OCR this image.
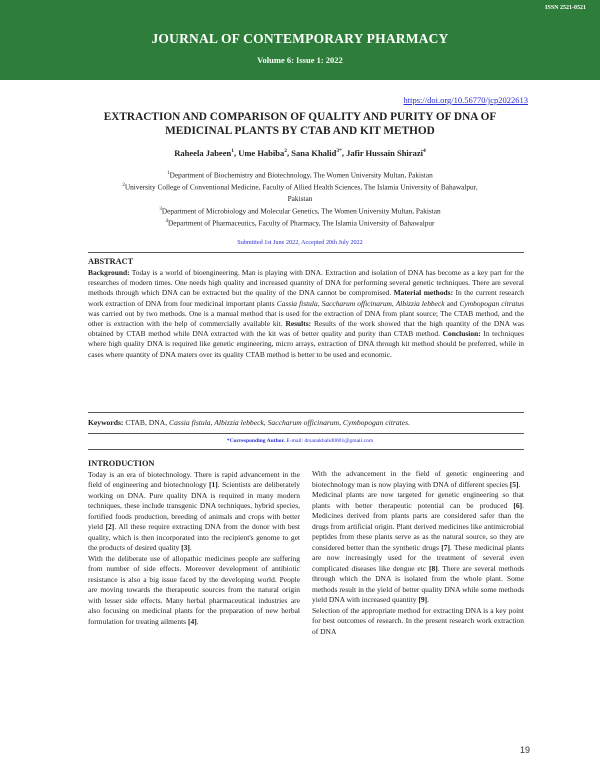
ISSN 2521-0521
JOURNAL OF CONTEMPORARY PHARMACY
Volume 6: Issue 1: 2022
https://doi.org/10.56770/jcp2022613
EXTRACTION AND COMPARISON OF QUALITY AND PURITY OF DNA OF MEDICINAL PLANTS BY CTAB AND KIT METHOD
Raheela Jabeen$^1$, Ume Habiba$^2$, Sana Khalid$^{3*}$, Jafir Hussain Shirazi$^4$
$^1$Department of Biochemistry and Biotechnology, The Women University Multan, Pakistan
$^2$University College of Conventional Medicine, Faculty of Allied Health Sciences, The Islamia University of Bahawalpur, Pakistan
$^3$Department of Microbiology and Molecular Genetics, The Women University Multan, Pakistan
$^4$Department of Pharmaceutics, Faculty of Pharmacy, The Islamia University of Bahawalpur
Submitted 1st June 2022, Accepted 20th July 2022
ABSTRACT
Background: Today is a world of bioengineering. Man is playing with DNA. Extraction and isolation of DNA has become as a key part for the researches of modern times. One needs high quality and increased quantity of DNA for performing several genetic techniques. There are several methods through which DNA can be extracted but the quality of the DNA cannot be compromised. Material methods: In the current research work extraction of DNA from four medicinal important plants Cassia fistula, Saccharum officinarum, Albizzia lebbeck and Cymbopogan citratus was carried out by two methods. One is a manual method that is used for the extraction of DNA from plant source; The CTAB method, and the other is extraction with the help of commercially available kit. Results: Results of the work showed that the high quantity of the DNA was obtained by CTAB method while DNA extracted with the kit was of better quality and purity than CTAB method. Conclusion: In techniques where high quality DNA is required like genetic engineering, micro arrays, extraction of DNA through kit method should be preferred, while in cases where quantity of DNA maters over its quality CTAB method is better to be used and economic.
Keywords: CTAB, DNA, Cassia fistula, Albizzia lebbeck, Saccharum officinarum, Cymbopogan citrates.
*Corresponding Author. E-mail: drsanakhalid0001@gmail.com
INTRODUCTION
Today is an era of biotechnology. There is rapid advancement in the field of engineering and biotechnology [1]. Scientists are deliberately working on DNA. Pure quality DNA is required in many modern techniques, these include transgenic DNA techniques, hybrid species, fortified foods production, breeding of animals and crops with better yield [2]. All these require extracting DNA from the donor with best quality, which is then incorporated into the recipient's genome to get the products of desired quality [3].
With the deliberate use of allopathic medicines people are suffering from number of side effects. Moreover development of antibiotic resistance is also a big issue faced by the developing world. People are moving towards the therapeutic sources from the natural origin with lesser side effects. Many herbal pharmaceutical industries are also focusing on medicinal plants for the preparation of new herbal formulation for treating ailments [4].
With the advancement in the field of genetic engineering and biotechnology man is now playing with DNA of different species [5].
Medicinal plants are now targeted for genetic engineering so that plants with better therapeutic potential can be produced [6]. Medicines derived from plants parts are considered safer than the drugs from artificial origin. Plant derived medicines like antimicrobial peptides from these plants serve as as the natural source, so they are considered better than the synthetic drugs [7]. These medicinal plants are now increasingly used for the treatment of several even complicated diseases like dengue etc [8]. There are several methods through which the DNA is isolated from the whole plant. Some methods result in the yield of better quality DNA while some methods yield DNA with increased quantity [9].
Selection of the appropriate method for extracting DNA is a key point for best outcomes of research. In the present research work extraction of DNA
19
